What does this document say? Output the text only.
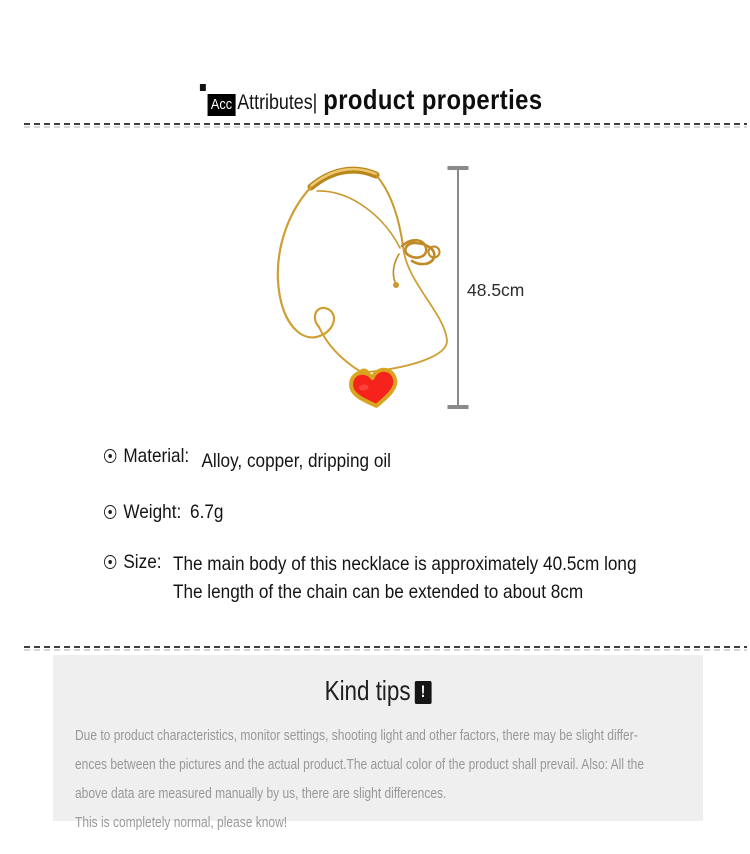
Acc Attributes| product properties
48.5cm
Material: Alloy, copper, dripping oil
Weight: 6.7g
Size: The main body of this necklace is approximately 40.5cm long
The length of the chain can be extended to about 8cm
Kind tips !
Due to product characteristics, monitor settings, shooting light and other factors, there may be slight differ-
ences between the pictures and the actual product.The actual color of the product shall prevail. Also: All the
above data are measured manually by us, there are slight differences.
This is completely normal, please know!
